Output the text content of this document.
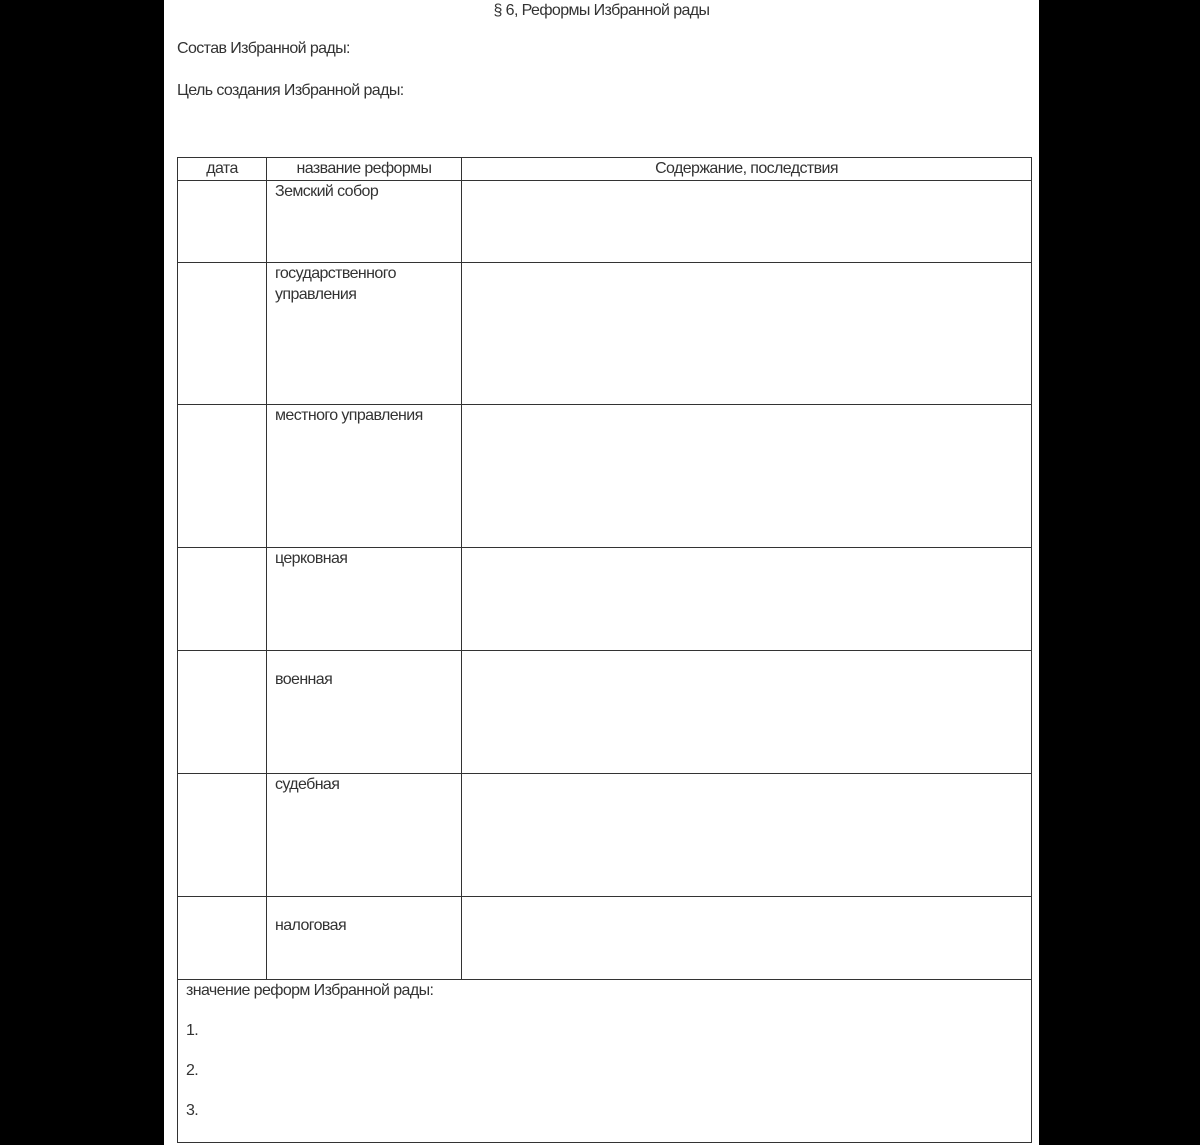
§ 6, Реформы Избранной рады
Состав Избранной рады:
Цель создания Избранной рады:
дата	название реформы	Содержание, последствия

	Земский собор	

	государственного управления	

	местного управления	

	церковная	

	военная	

	судебная	

	налоговая	

значение реформ Избранной рады:
1.
2.
3.		
